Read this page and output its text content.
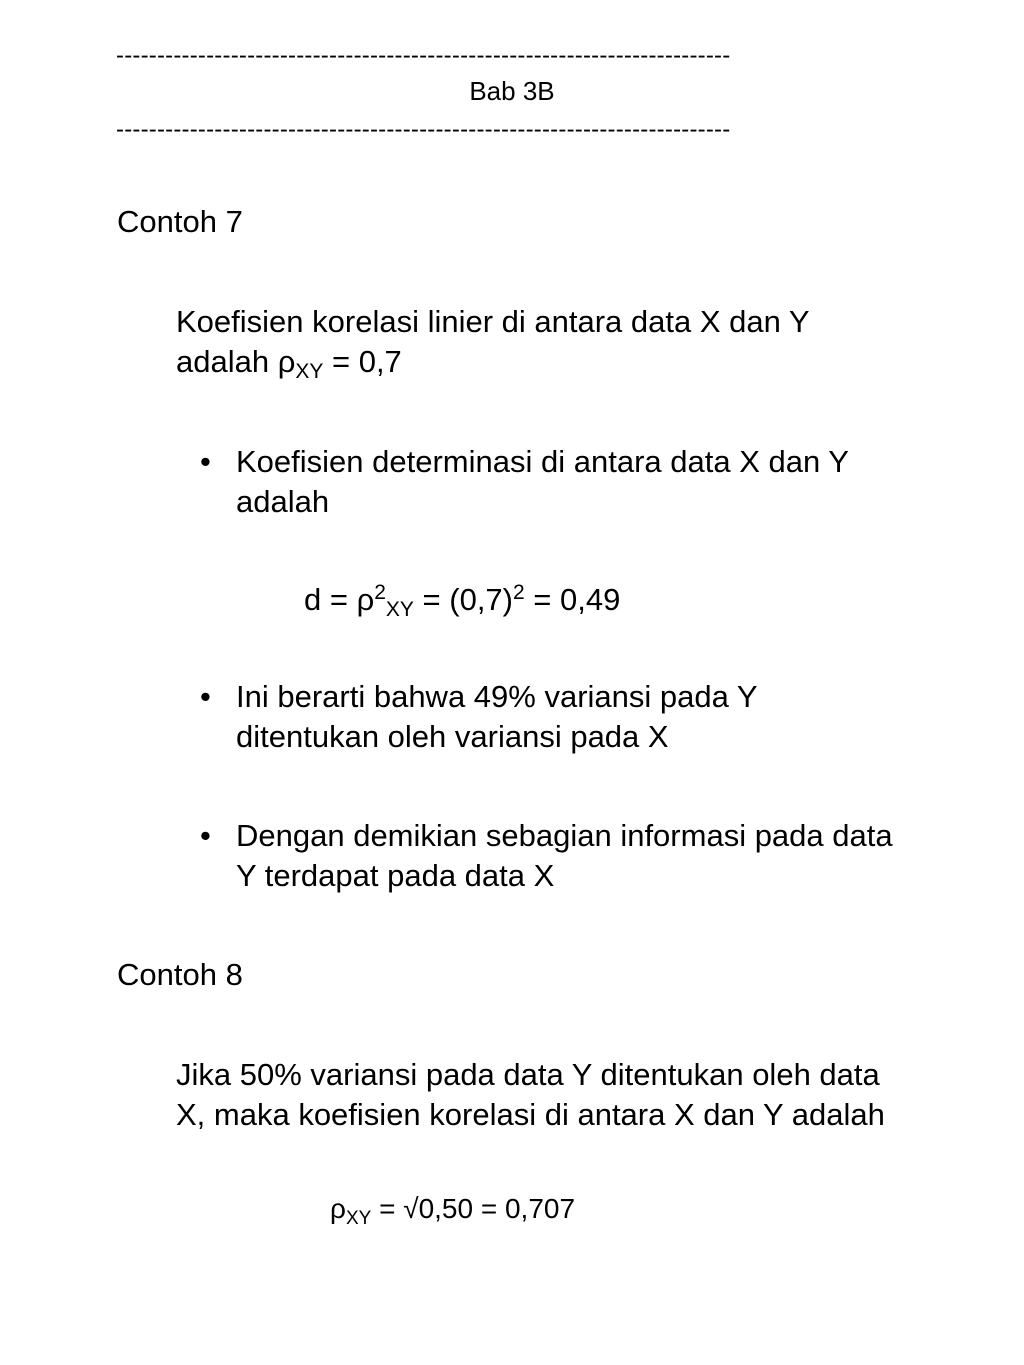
---------------------------------------------------------------------------
Bab 3B
---------------------------------------------------------------------------
Contoh 7
Koefisien korelasi linier di antara data X dan Y
adalah $\rho_{XY} = 0,7$
• Koefisien determinasi di antara data X dan Y
adalah
$d = \rho^2_{XY} = (0,7)^2 = 0,49$
• Ini berarti bahwa 49% variansi pada Y
ditentukan oleh variansi pada X
• Dengan demikian sebagian informasi pada data
Y terdapat pada data X
Contoh 8
Jika 50% variansi pada data Y ditentukan oleh data
X, maka koefisien korelasi di antara X dan Y adalah
$\rho_{XY} = √0,50 = 0,707$
